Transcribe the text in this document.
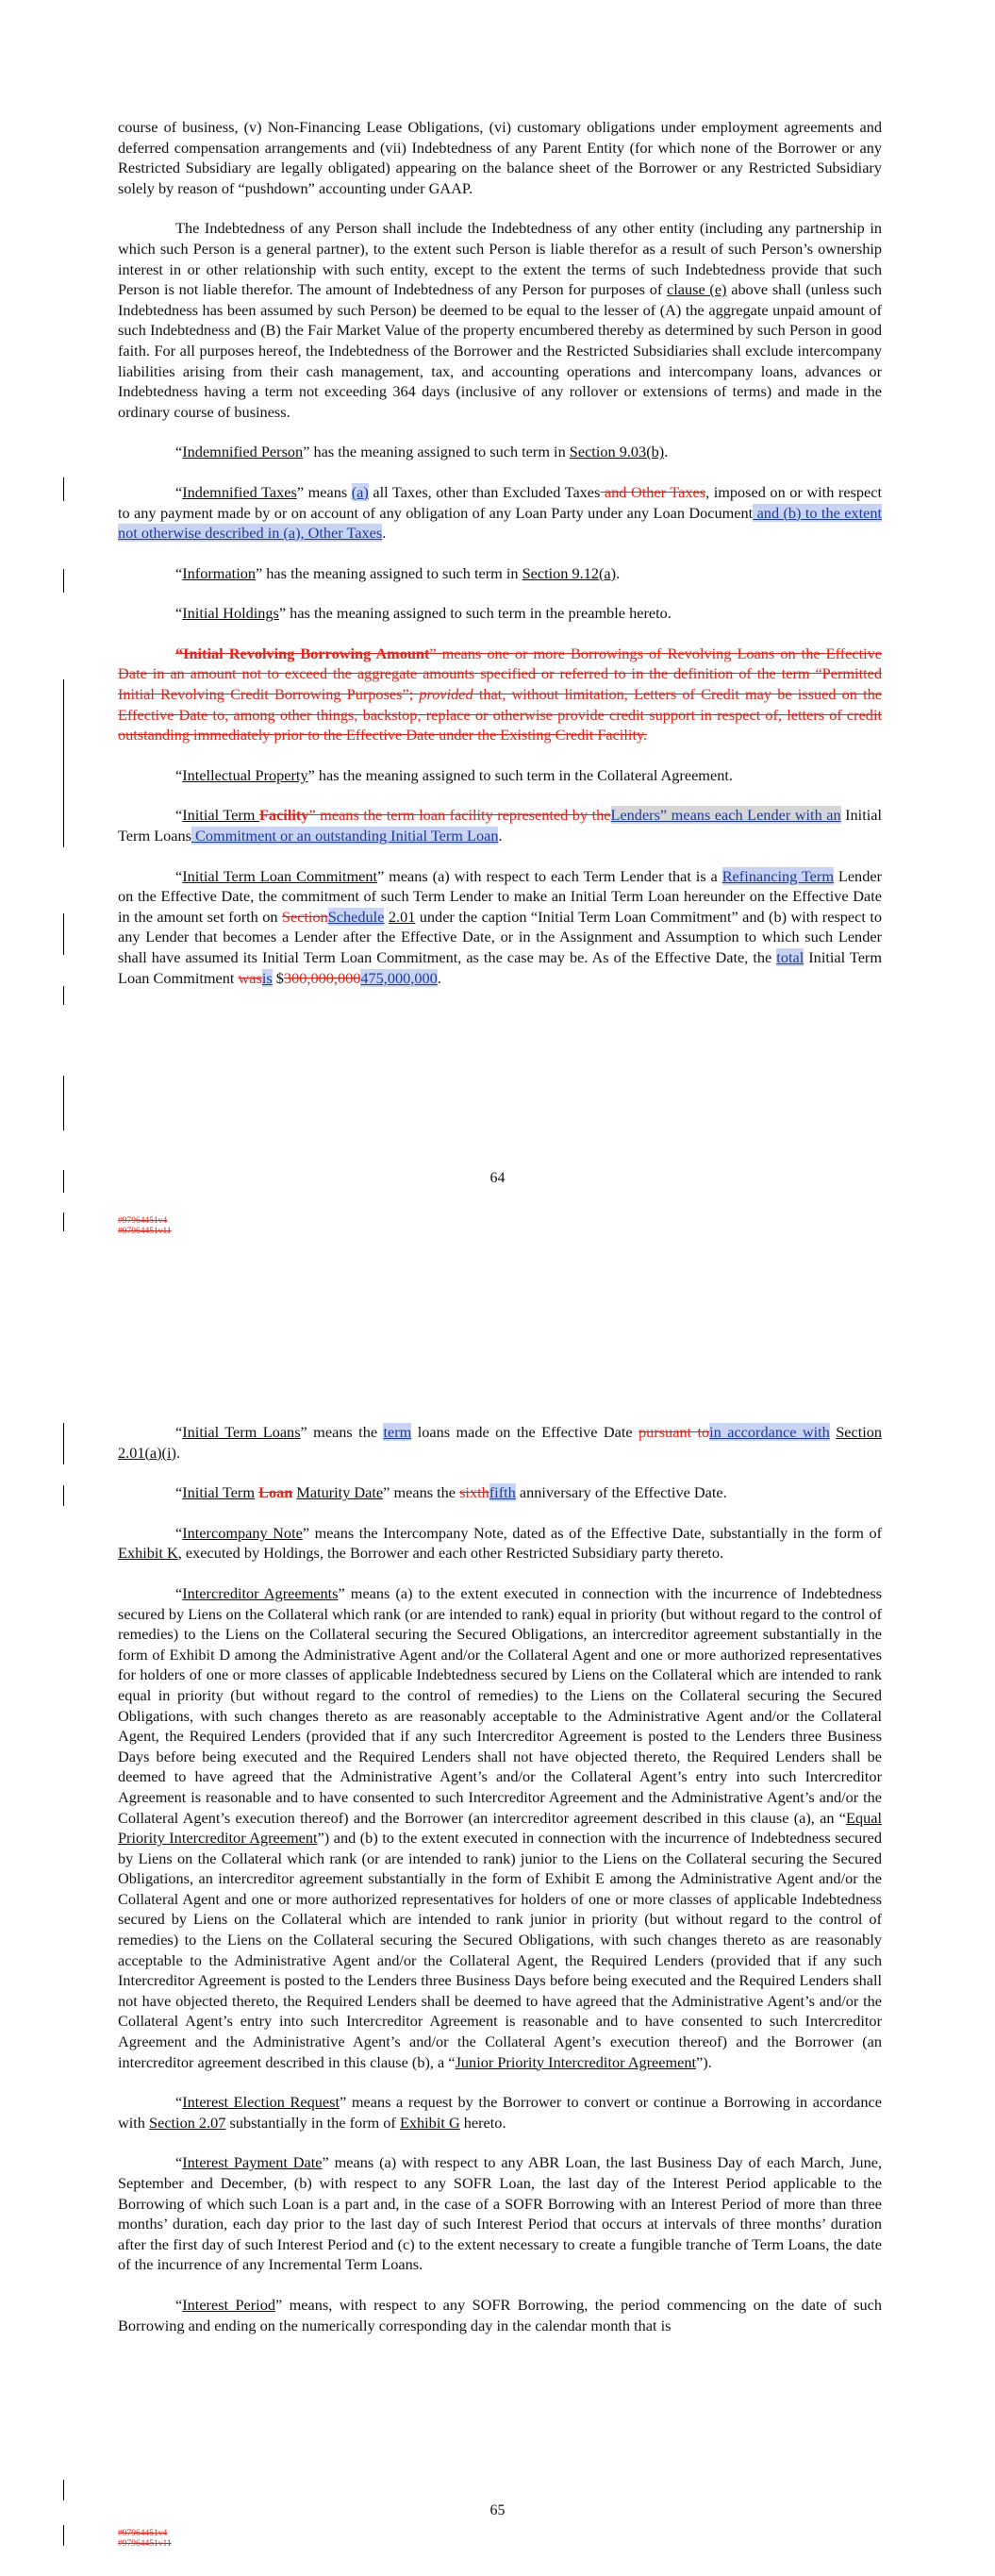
course of business, (v) Non-Financing Lease Obligations, (vi) customary obligations under employment agreements and deferred compensation arrangements and (vii) Indebtedness of any Parent Entity (for which none of the Borrower or any Restricted Subsidiary are legally obligated) appearing on the balance sheet of the Borrower or any Restricted Subsidiary solely by reason of “pushdown” accounting under GAAP.

The Indebtedness of any Person shall include the Indebtedness of any other entity (including any partnership in which such Person is a general partner), to the extent such Person is liable therefor as a result of such Person’s ownership interest in or other relationship with such entity, except to the extent the terms of such Indebtedness provide that such Person is not liable therefor. The amount of Indebtedness of any Person for purposes of clause (e) above shall (unless such Indebtedness has been assumed by such Person) be deemed to be equal to the lesser of (A) the aggregate unpaid amount of such Indebtedness and (B) the Fair Market Value of the property encumbered thereby as determined by such Person in good faith. For all purposes hereof, the Indebtedness of the Borrower and the Restricted Subsidiaries shall exclude intercompany liabilities arising from their cash management, tax, and accounting operations and intercompany loans, advances or Indebtedness having a term not exceeding 364 days (inclusive of any rollover or extensions of terms) and made in the ordinary course of business.

“Indemnified Person” has the meaning assigned to such term in Section 9.03(b).

“Indemnified Taxes” means (a) all Taxes, other than Excluded Taxes and Other Taxes, imposed on or with respect to any payment made by or on account of any obligation of any Loan Party under any Loan Document and (b) to the extent not otherwise described in (a), Other Taxes.

“Information” has the meaning assigned to such term in Section 9.12(a).

“Initial Holdings” has the meaning assigned to such term in the preamble hereto.

“Initial Revolving Borrowing Amount” means one or more Borrowings of Revolving Loans on the Effective Date in an amount not to exceed the aggregate amounts specified or referred to in the definition of the term “Permitted Initial Revolving Credit Borrowing Purposes”; provided that, without limitation, Letters of Credit may be issued on the Effective Date to, among other things, backstop, replace or otherwise provide credit support in respect of, letters of credit outstanding immediately prior to the Effective Date under the Existing Credit Facility.

“Intellectual Property” has the meaning assigned to such term in the Collateral Agreement.

“Initial Term Facility” means the term loan facility represented by theLenders” means each Lender with an Initial Term Loans Commitment or an outstanding Initial Term Loan.

“Initial Term Loan Commitment” means (a) with respect to each Term Lender that is a Refinancing Term Lender on the Effective Date, the commitment of such Term Lender to make an Initial Term Loan hereunder on the Effective Date in the amount set forth on SectionSchedule 2.01 under the caption “Initial Term Loan Commitment” and (b) with respect to any Lender that becomes a Lender after the Effective Date, or in the Assignment and Assumption to which such Lender shall have assumed its Initial Term Loan Commitment, as the case may be. As of the Effective Date, the total Initial Term Loan Commitment wasis $300,000,000475,000,000.

64
#97964451v4
#97964451v11

“Initial Term Loans” means the term loans made on the Effective Date pursuant toin accordance with Section 2.01(a)(i).

“Initial Term Loan Maturity Date” means the sixthfifth anniversary of the Effective Date.

“Intercompany Note” means the Intercompany Note, dated as of the Effective Date, substantially in the form of Exhibit K, executed by Holdings, the Borrower and each other Restricted Subsidiary party thereto.

“Intercreditor Agreements” means (a) to the extent executed in connection with the incurrence of Indebtedness secured by Liens on the Collateral which rank (or are intended to rank) equal in priority (but without regard to the control of remedies) to the Liens on the Collateral securing the Secured Obligations, an intercreditor agreement substantially in the form of Exhibit D among the Administrative Agent and/or the Collateral Agent and one or more authorized representatives for holders of one or more classes of applicable Indebtedness secured by Liens on the Collateral which are intended to rank equal in priority (but without regard to the control of remedies) to the Liens on the Collateral securing the Secured Obligations, with such changes thereto as are reasonably acceptable to the Administrative Agent and/or the Collateral Agent, the Required Lenders (provided that if any such Intercreditor Agreement is posted to the Lenders three Business Days before being executed and the Required Lenders shall not have objected thereto, the Required Lenders shall be deemed to have agreed that the Administrative Agent’s and/or the Collateral Agent’s entry into such Intercreditor Agreement is reasonable and to have consented to such Intercreditor Agreement and the Administrative Agent’s and/or the Collateral Agent’s execution thereof) and the Borrower (an intercreditor agreement described in this clause (a), an “Equal Priority Intercreditor Agreement”) and (b) to the extent executed in connection with the incurrence of Indebtedness secured by Liens on the Collateral which rank (or are intended to rank) junior to the Liens on the Collateral securing the Secured Obligations, an intercreditor agreement substantially in the form of Exhibit E among the Administrative Agent and/or the Collateral Agent and one or more authorized representatives for holders of one or more classes of applicable Indebtedness secured by Liens on the Collateral which are intended to rank junior in priority (but without regard to the control of remedies) to the Liens on the Collateral securing the Secured Obligations, with such changes thereto as are reasonably acceptable to the Administrative Agent and/or the Collateral Agent, the Required Lenders (provided that if any such Intercreditor Agreement is posted to the Lenders three Business Days before being executed and the Required Lenders shall not have objected thereto, the Required Lenders shall be deemed to have agreed that the Administrative Agent’s and/or the Collateral Agent’s entry into such Intercreditor Agreement is reasonable and to have consented to such Intercreditor Agreement and the Administrative Agent’s and/or the Collateral Agent’s execution thereof) and the Borrower (an intercreditor agreement described in this clause (b), a “Junior Priority Intercreditor Agreement”).

“Interest Election Request” means a request by the Borrower to convert or continue a Borrowing in accordance with Section 2.07 substantially in the form of Exhibit G hereto.

“Interest Payment Date” means (a) with respect to any ABR Loan, the last Business Day of each March, June, September and December, (b) with respect to any SOFR Loan, the last day of the Interest Period applicable to the Borrowing of which such Loan is a part and, in the case of a SOFR Borrowing with an Interest Period of more than three months’ duration, each day prior to the last day of such Interest Period that occurs at intervals of three months’ duration after the first day of such Interest Period and (c) to the extent necessary to create a fungible tranche of Term Loans, the date of the incurrence of any Incremental Term Loans.

“Interest Period” means, with respect to any SOFR Borrowing, the period commencing on the date of such Borrowing and ending on the numerically corresponding day in the calendar month that is

65
#97964451v4
#97964451v11
